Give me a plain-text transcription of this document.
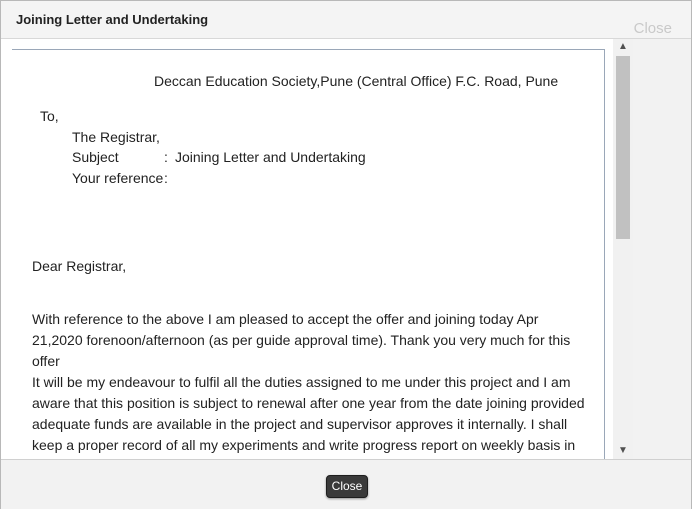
Joining Letter and Undertaking
Close
Deccan Education Society,Pune (Central Office) F.C. Road, Pune
To,
The Registrar,
Subject	: Joining Letter and Undertaking
Your reference:
Dear Registrar,

With reference to the above I am pleased to accept the offer and joining today Apr 21,2020 forenoon/afternoon (as per guide approval time). Thank you very much for this offer

It will be my endeavour to fulfil all the duties assigned to me under this project and I am aware that this position is subject to renewal after one year from the date joining provided adequate funds are available in the project and supervisor approves it internally. I shall keep a proper record of all my experiments and write progress report on weekly basis in

▲
▼
Close
